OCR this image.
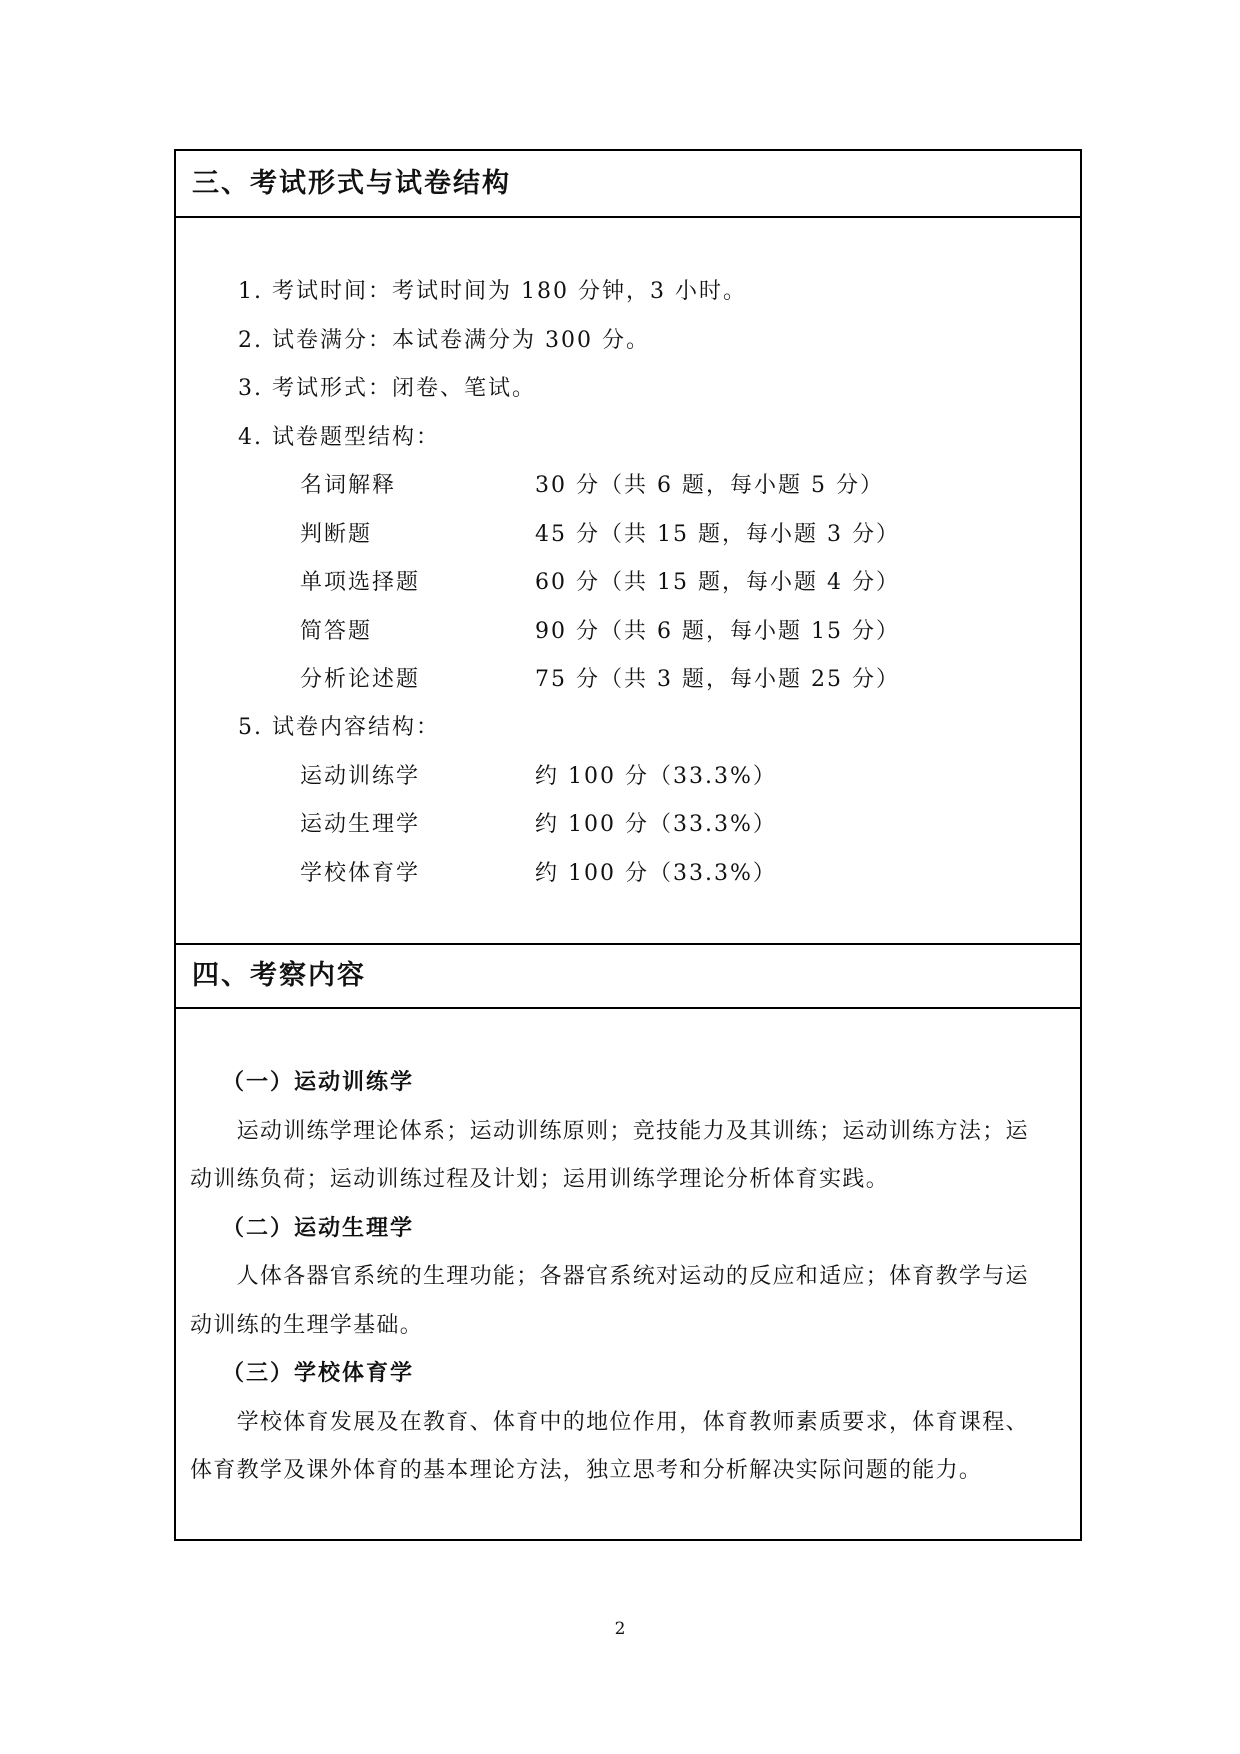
三、考试形式与试卷结构
1. 考试时间：考试时间为 180 分钟，3 小时。
2. 试卷满分：本试卷满分为 300 分。
3. 考试形式：闭卷、笔试。
4. 试卷题型结构：
名词解释	30 分（共 6 题，每小题 5 分）
判断题	45 分（共 15 题，每小题 3 分）
单项选择题	60 分（共 15 题，每小题 4 分）
简答题	90 分（共 6 题，每小题 15 分）
分析论述题	75 分（共 3 题，每小题 25 分）
5. 试卷内容结构：
运动训练学	约 100 分（33.3%）
运动生理学	约 100 分（33.3%）
学校体育学	约 100 分（33.3%）
四、考察内容
（一）运动训练学
　　运动训练学理论体系；运动训练原则；竞技能力及其训练；运动训练方法；运
动训练负荷；运动训练过程及计划；运用训练学理论分析体育实践。
（二）运动生理学
　　人体各器官系统的生理功能；各器官系统对运动的反应和适应；体育教学与运
动训练的生理学基础。
（三）学校体育学
　　学校体育发展及在教育、体育中的地位作用，体育教师素质要求，体育课程、
体育教学及课外体育的基本理论方法，独立思考和分析解决实际问题的能力。
2
